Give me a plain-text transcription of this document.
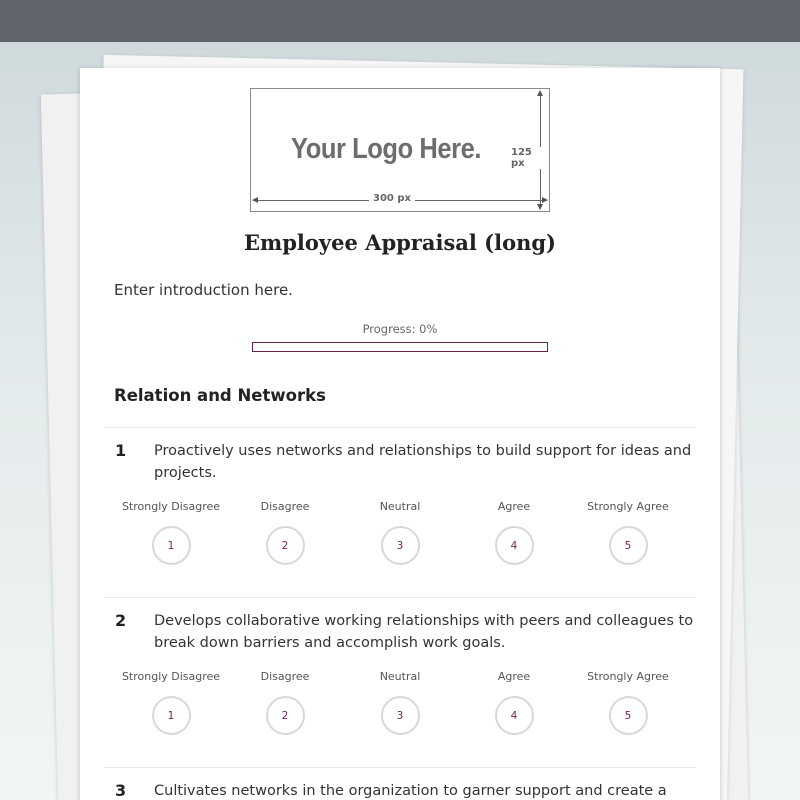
Your Logo Here.	125 px
300 px
Employee Appraisal (long)

Enter introduction here.

Progress: 0%
Relation and Networks
1 Proactively uses networks and relationships to build support for ideas and projects.
Strongly Disagree
1
Disagree
2
Neutral
3
Agree
4
Strongly Agree
5
2 Develops collaborative working relationships with peers and colleagues to break down barriers and accomplish work goals.
Strongly Disagree
1
Disagree
2
Neutral
3
Agree
4
Strongly Agree
5
3 Cultivates networks in the organization to garner support and create a
